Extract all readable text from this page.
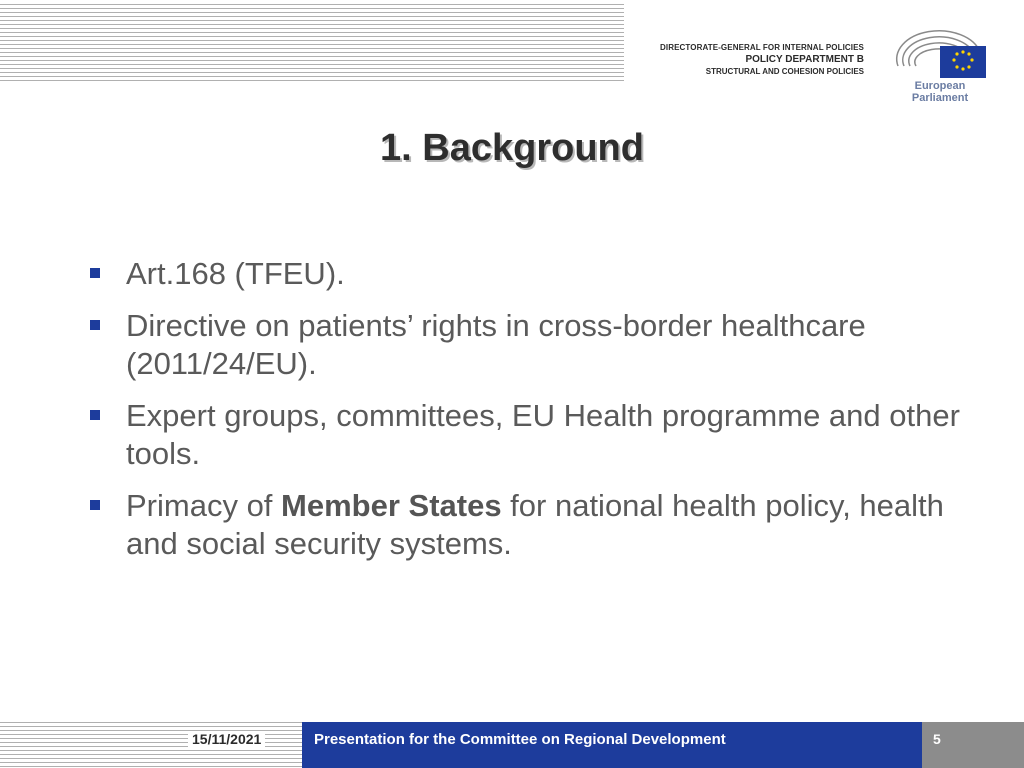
DIRECTORATE-GENERAL FOR INTERNAL POLICIES
POLICY DEPARTMENT B
STRUCTURAL AND COHESION POLICIES
European Parliament
1. Background
Art.168 (TFEU).
Directive on patients’ rights in cross-border healthcare (2011/24/EU).
Expert groups, committees, EU Health programme and other tools.
Primacy of Member States for national health policy, health and social security systems.
15/11/2021	Presentation for the Committee on Regional Development	5
